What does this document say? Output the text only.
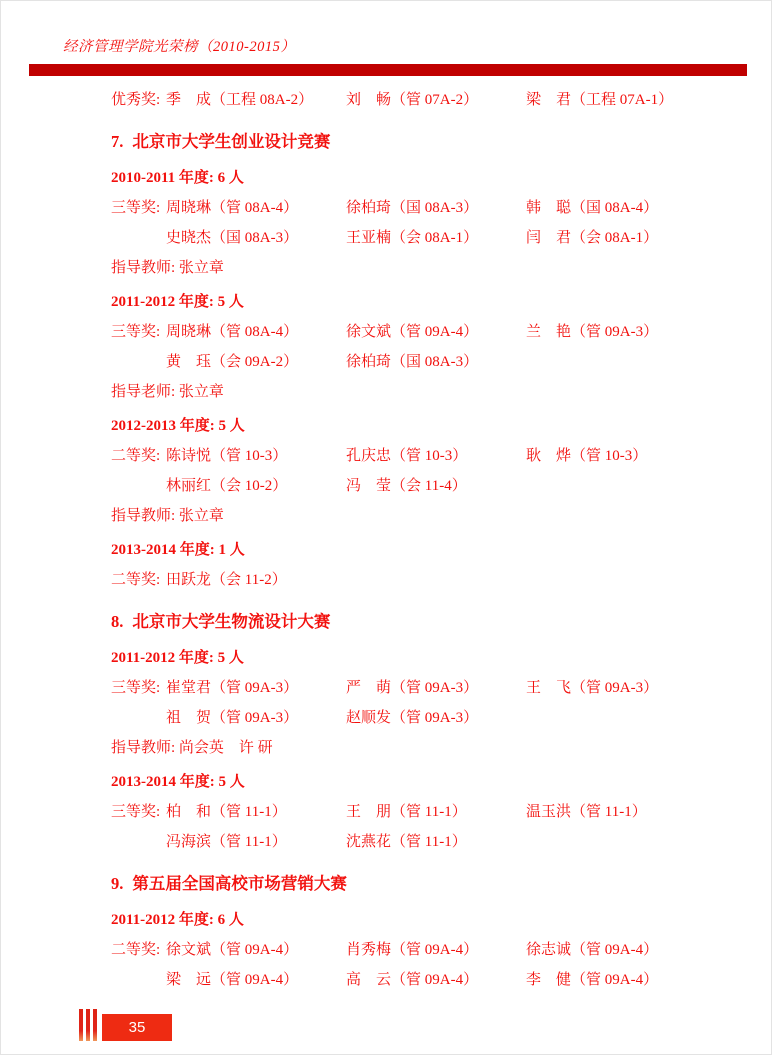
经济管理学院光荣榜（2010-2015）
优秀奖: 季　成（工程 08A-2）	刘　畅（管 07A-2）	梁　君（工程 07A-1）
7. 北京市大学生创业设计竞赛
2010-2011 年度: 6 人
三等奖: 周晓琳（管 08A-4）	徐柏琦（国 08A-3）	韩　聪（国 08A-4）
史晓杰（国 08A-3）	王亚楠（会 08A-1）	闫　君（会 08A-1）
指导教师: 张立章
2011-2012 年度: 5 人
三等奖: 周晓琳（管 08A-4）	徐文斌（管 09A-4）	兰　艳（管 09A-3）
黄　珏（会 09A-2）	徐柏琦（国 08A-3）
指导老师: 张立章
2012-2013 年度: 5 人
二等奖: 陈诗悦（管 10-3）	孔庆忠（管 10-3）	耿　烨（管 10-3）
林丽红（会 10-2）	冯　莹（会 11-4）
指导教师: 张立章
2013-2014 年度: 1 人
二等奖: 田跃龙（会 11-2）
8. 北京市大学生物流设计大赛
2011-2012 年度: 5 人
三等奖: 崔堂君（管 09A-3）	严　萌（管 09A-3）	王　飞（管 09A-3）
祖　贺（管 09A-3）	赵顺发（管 09A-3）
指导教师: 尚会英　许 研
2013-2014 年度: 5 人
三等奖: 柏　和（管 11-1）	王　朋（管 11-1）	温玉洪（管 11-1）
冯海滨（管 11-1）	沈燕花（管 11-1）
9. 第五届全国高校市场营销大赛
2011-2012 年度: 6 人
二等奖: 徐文斌（管 09A-4）	肖秀梅（管 09A-4）	徐志诚（管 09A-4）
梁　远（管 09A-4）	高　云（管 09A-4）	李　健（管 09A-4）
35
